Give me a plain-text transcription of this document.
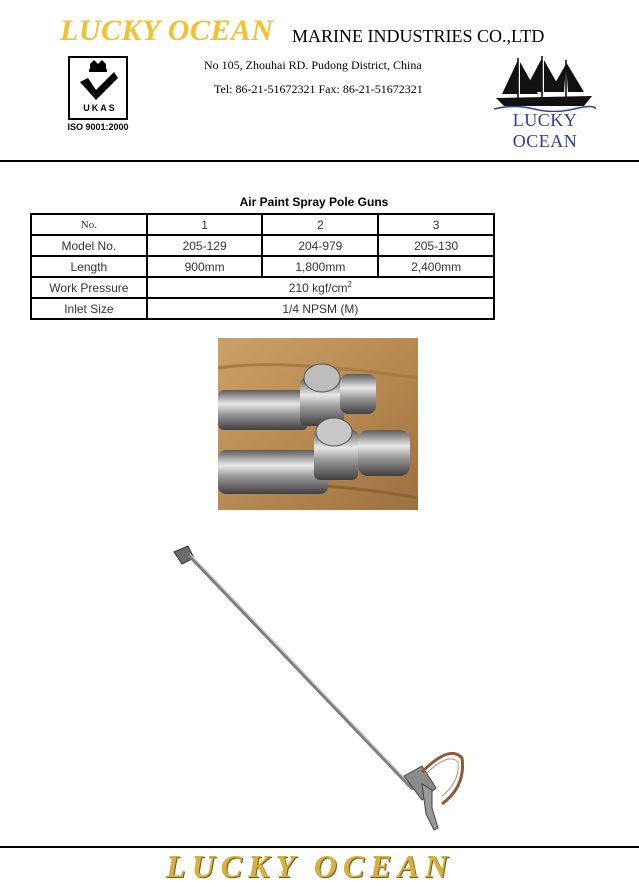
LUCKY OCEAN MARINE INDUSTRIES CO.,LTD
No 105, Zhouhai RD. Pudong District, China
Tel: 86-21-51672321 Fax: 86-21-51672321
UKAS
ISO 9001:2000	LUCKY OCEAN
Air Paint Spray Pole Guns
No.	1	2	3
Model No.	205-129	204-979	205-130
Length	900mm	1,800mm	2,400mm
Work Pressure	210 kgf/$cm^2$
Inlet Size	1/4 NPSM (M)		
LUCKY OCEAN
